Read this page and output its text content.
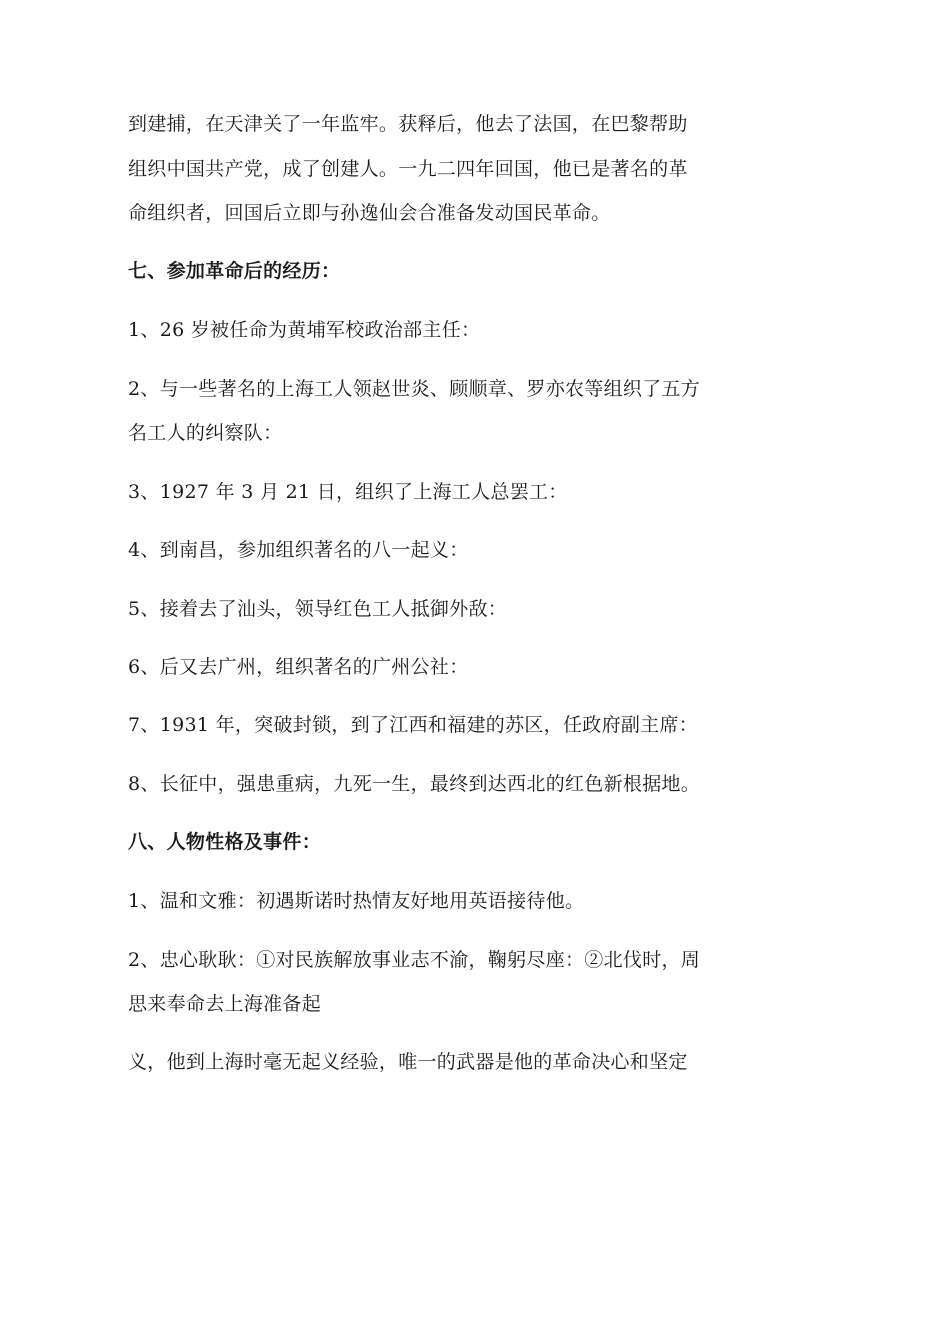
到建捕，在天津关了一年监牢。获释后，他去了法国，在巴黎帮助
组织中国共产党，成了创建人。一九二四年回国，他已是著名的革
命组织者，回国后立即与孙逸仙会合准备发动国民革命。
七、参加革命后的经历：
1、26 岁被任命为黄埔军校政治部主任：
2、与一些著名的上海工人领赵世炎、顾顺章、罗亦农等组织了五方
名工人的纠察队：
3、1927 年 3 月 21 日，组织了上海工人总罢工：
4、到南昌，参加组织著名的八一起义：
5、接着去了汕头，领导红色工人抵御外敌：
6、后又去广州，组织著名的广州公社：
7、1931 年，突破封锁，到了江西和福建的苏区，任政府副主席：
8、长征中，强患重病，九死一生，最终到达西北的红色新根据地。
八、人物性格及事件：
1、温和文雅：初遇斯诺时热情友好地用英语接待他。
2、忠心耿耿：①对民族解放事业志不渝，鞠躬尽座：②北伐时，周
思来奉命去上海准备起
义，他到上海时毫无起义经验，唯一的武器是他的革命决心和坚定
